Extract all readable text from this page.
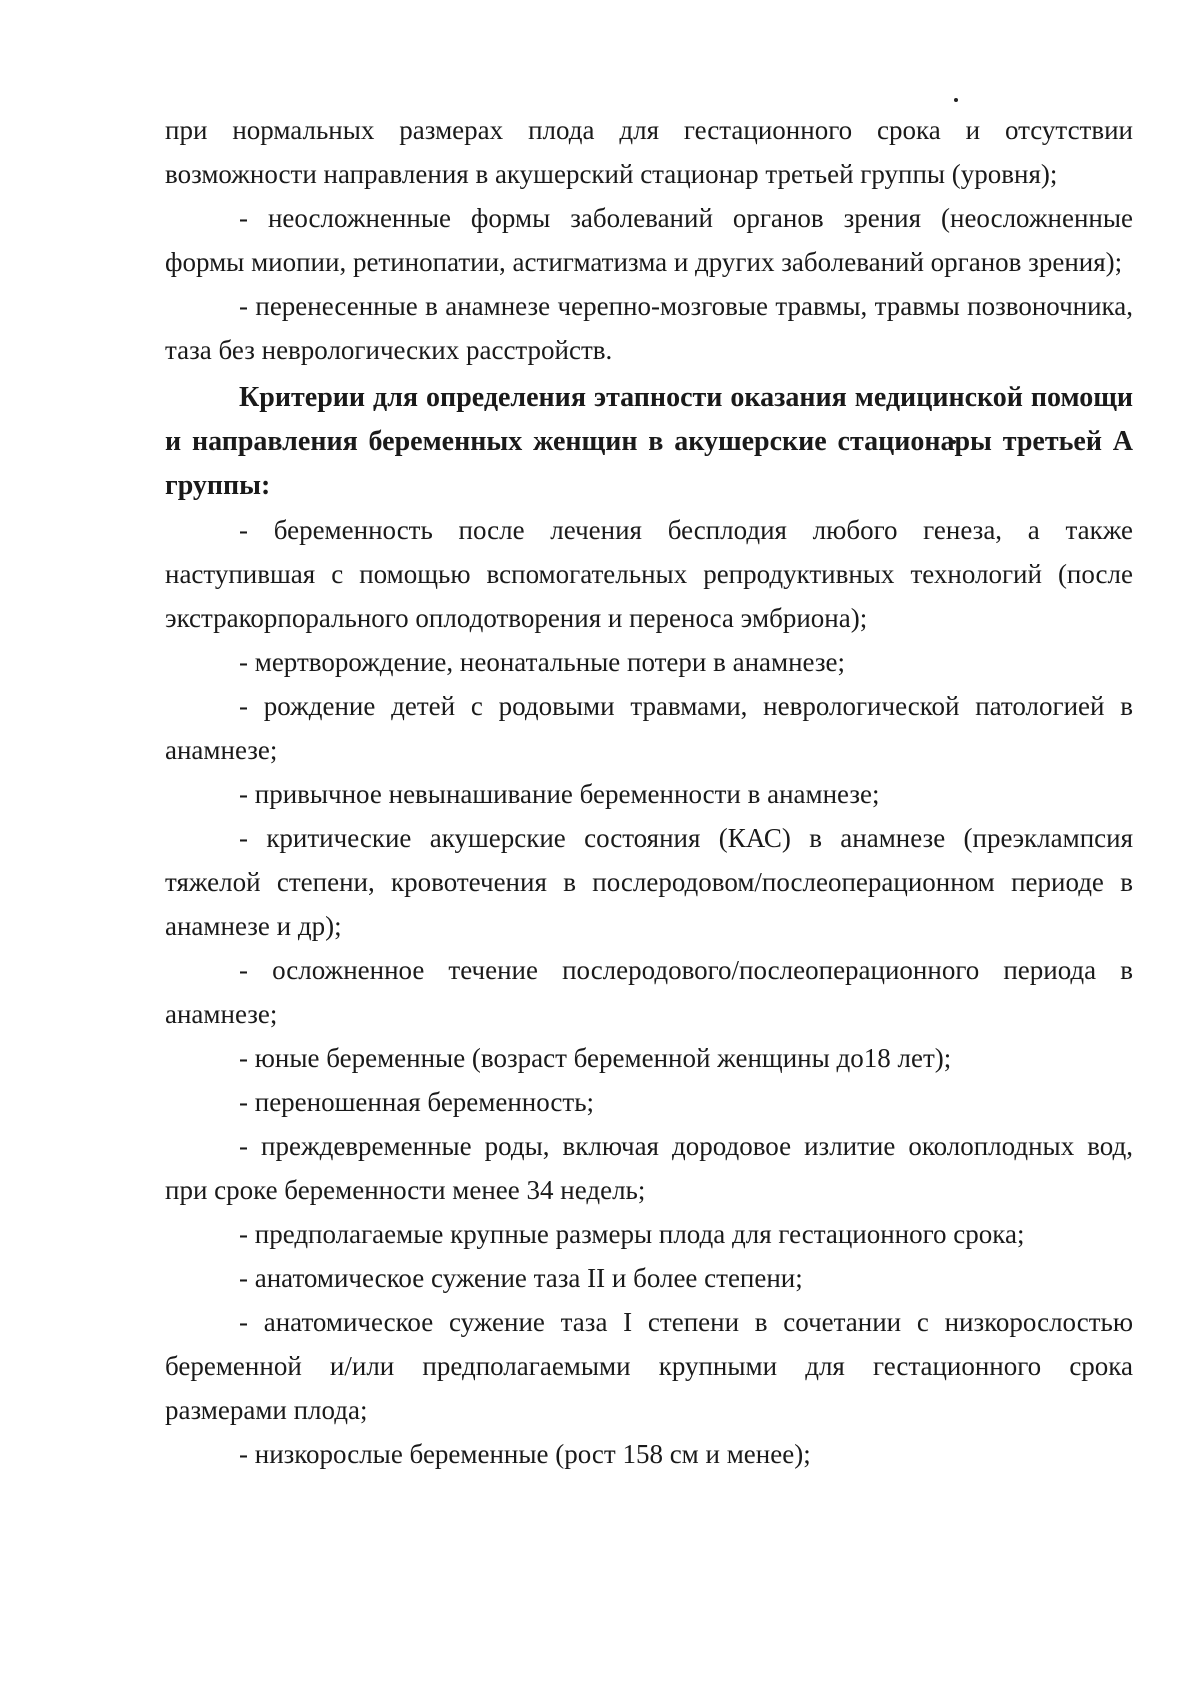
при нормальных размерах плода для гестационного срока и отсутствии возможности направления в акушерский стационар третьей группы (уровня);

- неосложненные формы заболеваний органов зрения (неосложненные формы миопии, ретинопатии, астигматизма и других заболеваний органов зрения);

- перенесенные в анамнезе черепно-мозговые травмы, травмы позвоночника, таза без неврологических расстройств.

Критерии для определения этапности оказания медицинской помощи и направления беременных женщин в акушерские стационары третьей А группы:

- беременность после лечения бесплодия любого генеза, а также наступившая с помощью вспомогательных репродуктивных технологий (после экстракорпорального оплодотворения и переноса эмбриона);

- мертворождение, неонатальные потери в анамнезе;

- рождение детей с родовыми травмами, неврологической патологией в анамнезе;

- привычное невынашивание беременности в анамнезе;

- критические акушерские состояния (КАС) в анамнезе (преэклампсия тяжелой степени, кровотечения в послеродовом/послеоперационном периоде в анамнезе и др);

- осложненное течение послеродового/послеоперационного периода в анамнезе;

- юные беременные (возраст беременной женщины до18 лет);

- переношенная беременность;

- преждевременные роды, включая дородовое излитие околоплодных вод, при сроке беременности менее 34 недель;

- предполагаемые крупные размеры плода для гестационного срока;

- анатомическое сужение таза II и более степени;

- анатомическое сужение таза I степени в сочетании с низкорослостью беременной и/или предполагаемыми крупными для гестационного срока размерами плода;

- низкорослые беременные (рост 158 см и менее);
